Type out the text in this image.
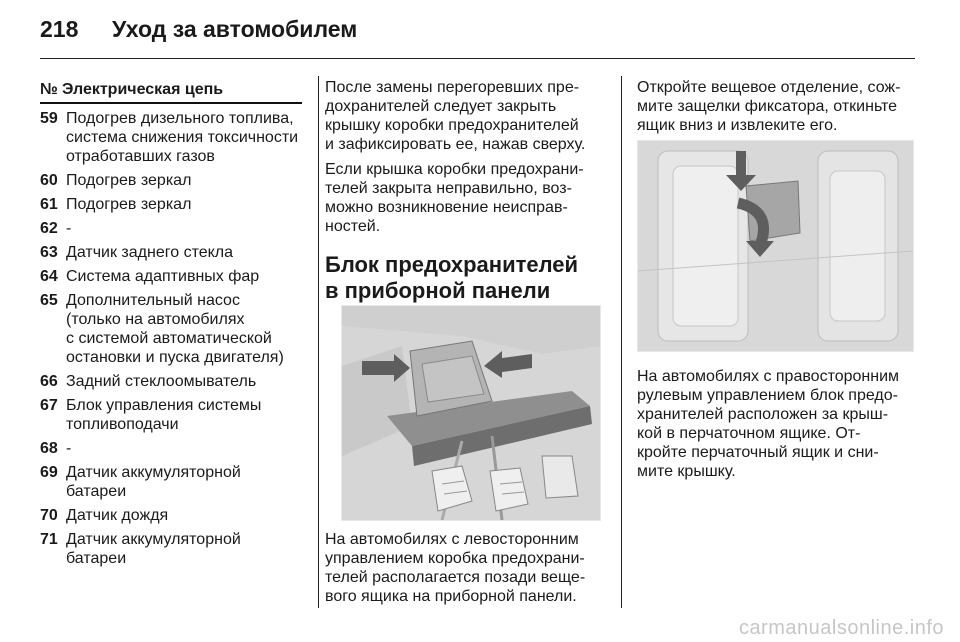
218	Уход за автомобилем
№ Электрическая цепь
59 Подогрев дизельного топлива,
система снижения токсичности
отработавших газов
60 Подогрев зеркал
61 Подогрев зеркал
62 -
63 Датчик заднего стекла
64 Система адаптивных фар
65 Дополнительный насос
(только на автомобилях
с системой автоматической
остановки и пуска двигателя)
66 Задний стеклоомыватель
67 Блок управления системы
топливоподачи
68 -
69 Датчик аккумуляторной
батареи
70 Датчик дождя
71 Датчик аккумуляторной
батареи

После замены перегоревших пре-
дохранителей следует закрыть
крышку коробки предохранителей
и зафиксировать ее, нажав сверху.

Если крышка коробки предохрани-
телей закрыта неправильно, воз-
можно возникновение неисправ-
ностей.

Блок предохранителей
в приборной панели

На автомобилях с левосторонним
управлением коробка предохрани-
телей располагается позади веще-
вого ящика на приборной панели.

Откройте вещевое отделение, сож-
мите защелки фиксатора, откиньте
ящик вниз и извлеките его.

На автомобилях с правосторонним
рулевым управлением блок предо-
хранителей расположен за крыш-
кой в перчаточном ящике. От-
кройте перчаточный ящик и сни-
мите крышку.

carmanualsonline.info
